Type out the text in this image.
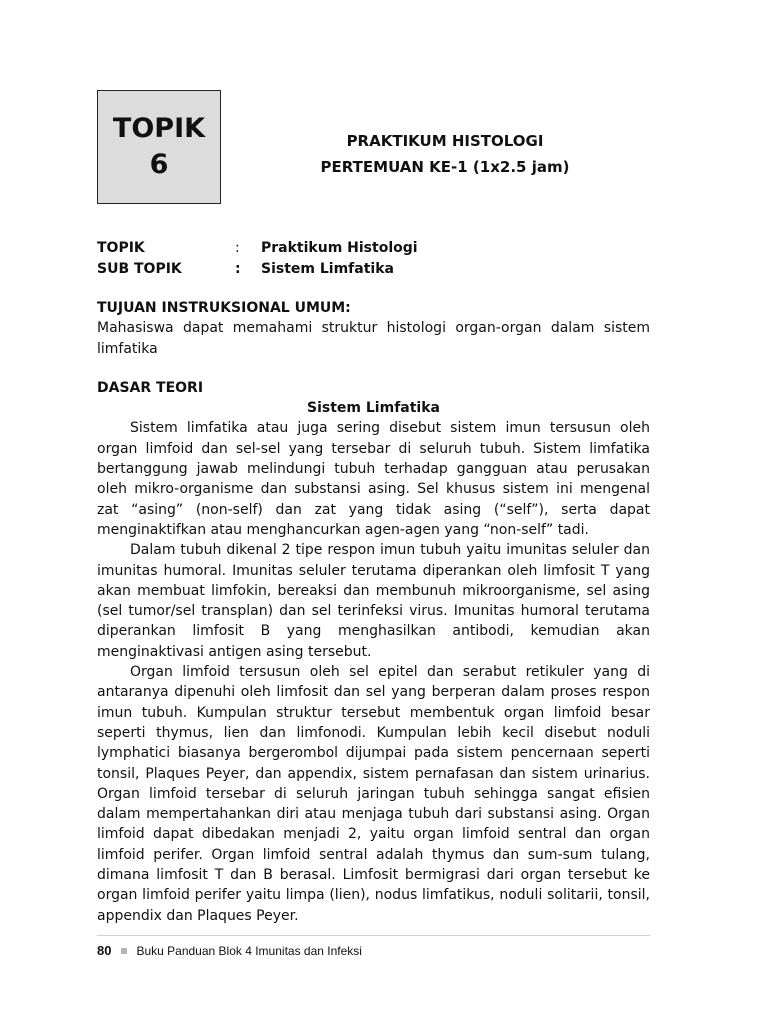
TOPIK
6
PRAKTIKUM HISTOLOGI
PERTEMUAN KE-1 (1x2.5 jam)
TOPIK	:	Praktikum Histologi
SUB TOPIK	:	Sistem Limfatika
TUJUAN INSTRUKSIONAL UMUM:

Mahasiswa dapat memahami struktur histologi organ-organ dalam sistem limfatika

DASAR TEORI
Sistem Limfatika

Sistem limfatika atau juga sering disebut sistem imun tersusun oleh organ limfoid dan sel-sel yang tersebar di seluruh tubuh. Sistem limfatika bertanggung jawab melindungi tubuh terhadap gangguan atau perusakan oleh mikro-organisme dan substansi asing. Sel khusus sistem ini mengenal zat “asing” (non-self) dan zat yang tidak asing (“self”), serta dapat menginaktifkan atau menghancurkan agen-agen yang “non-self” tadi.

Dalam tubuh dikenal 2 tipe respon imun tubuh yaitu imunitas seluler dan imunitas humoral. Imunitas seluler terutama diperankan oleh limfosit T yang akan membuat limfokin, bereaksi dan membunuh mikroorganisme, sel asing (sel tumor/sel transplan) dan sel terinfeksi virus. Imunitas humoral terutama diperankan limfosit B yang menghasilkan antibodi, kemudian akan menginaktivasi antigen asing tersebut.

Organ limfoid tersusun oleh sel epitel dan serabut retikuler yang di antaranya dipenuhi oleh limfosit dan sel yang berperan dalam proses respon imun tubuh. Kumpulan struktur tersebut membentuk organ limfoid besar seperti thymus, lien dan limfonodi. Kumpulan lebih kecil disebut noduli lymphatici biasanya bergerombol dijumpai pada sistem pencernaan seperti tonsil, Plaques Peyer, dan appendix, sistem pernafasan dan sistem urinarius. Organ limfoid tersebar di seluruh jaringan tubuh sehingga sangat efisien dalam mempertahankan diri atau menjaga tubuh dari substansi asing. Organ limfoid dapat dibedakan menjadi 2, yaitu organ limfoid sentral dan organ limfoid perifer. Organ limfoid sentral adalah thymus dan sum-sum tulang, dimana limfosit T dan B berasal. Limfosit bermigrasi dari organ tersebut ke organ limfoid perifer yaitu limpa (lien), nodus limfatikus, noduli solitarii, tonsil, appendix dan Plaques Peyer.

80 Buku Panduan Blok 4 Imunitas dan Infeksi
